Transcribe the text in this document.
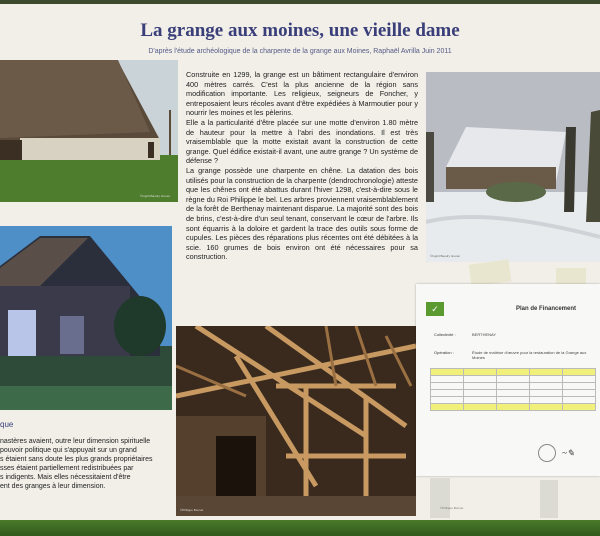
La grange aux moines, une vieille dame
D'après l'étude archéologique de la charpente de la grange aux Moines, Raphaël Avrilla Juin 2011
©Ingrid Baudry Grenet
©Ingrid Baudry Grenet
©Philippe Bonnet

Construite en 1299, la grange est un bâtiment rectangulaire d'environ 400 mètres carrés. C'est la plus ancienne de la région sans modification importante. Les religieux, seigneurs de Foncher, y entreposaient leurs récoles avant d'être expédiées à Marmoutier pour y nourrir les moines et les pèlerins.

Elle a la particularité d'être placée sur une motte d'environ 1.80 mètre de hauteur pour la mettre à l'abri des inondations. Il est très vraisemblable que la motte existait avant la construction de cette grange. Quel édifice existait-il avant, une autre grange ? Un système de défense ?

La grange possède une charpente en chêne. La datation des bois utilisés pour la construction de la charpente (dendrochronologie) atteste que les chênes ont été abattus durant l'hiver 1298, c'est-à-dire sous le règne du Roi Philippe le bel. Les arbres proviennent vraisemblablement de la forêt de Berthenay maintenant disparue. La majorité sont des bois de brins, c'est-à-dire d'un seul tenant, conservant le cœur de l'arbre. Ils sont équarris à la doloire et gardent la trace des outils sous forme de cupules. Les pièces des réparations plus récentes ont été débitées à la scie. 160 grumes de bois environ ont été nécessaires pour sa construction.

que

nastères avaient, outre leur dimension spirituelle

pouvoir politique qui s'appuyait sur un grand

s étaient sans doute les plus grands propriétaires

sses étaient partiellement redistribuées par

s indigents. Mais elles nécessitaient d'être

ent des granges à leur dimension.

✓	Plan de Financement
Collectivité :	BERTHENAY
Opération :	Étude de maîtrise d'œuvre pour la restauration de la Grange aux Moines

~✎
©Philippe Bonnet
